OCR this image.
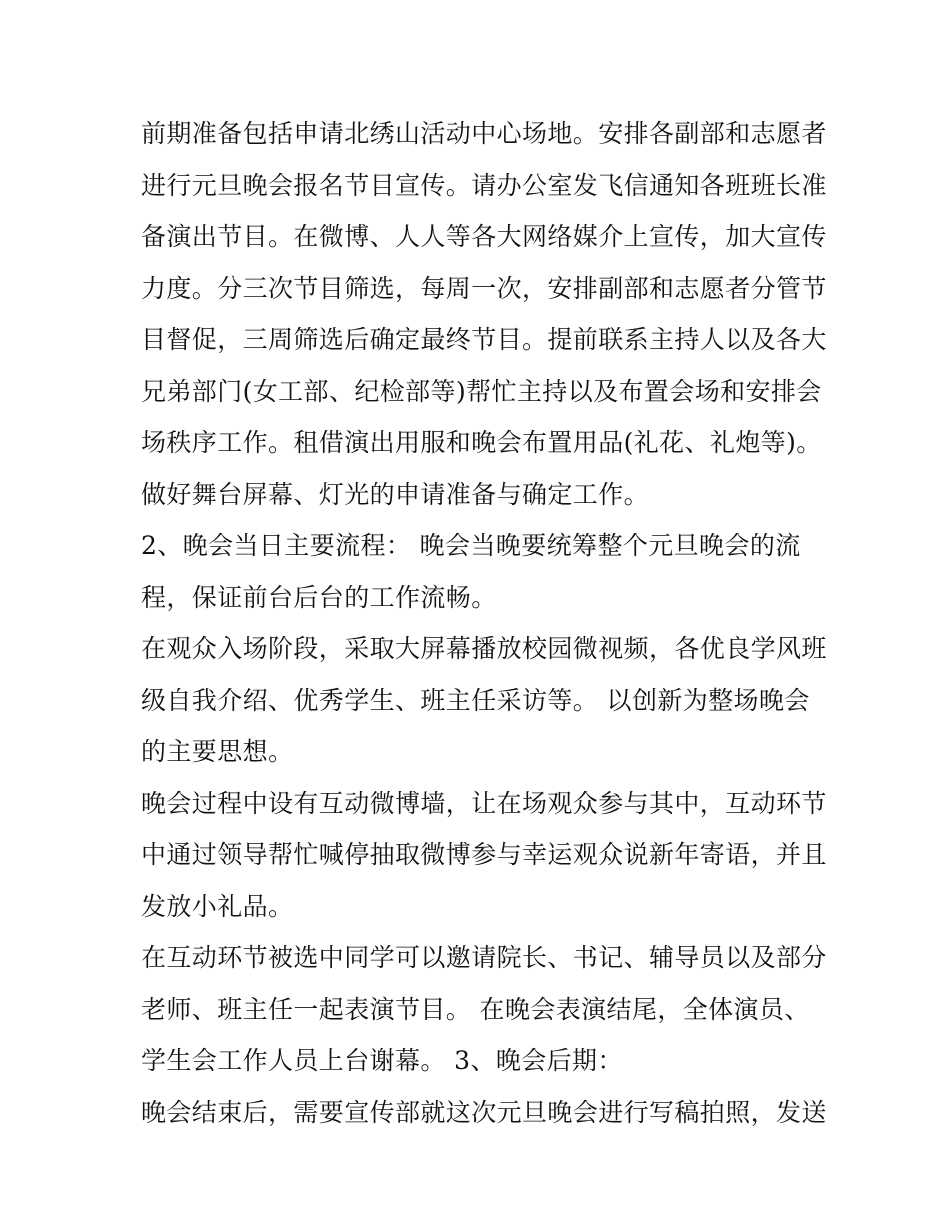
前期准备包括申请北绣山活动中心场地。安排各副部和志愿者
进行元旦晚会报名节目宣传。请办公室发飞信通知各班班长准
备演出节目。在微博、人人等各大网络媒介上宣传，加大宣传
力度。分三次节目筛选，每周一次，安排副部和志愿者分管节
目督促，三周筛选后确定最终节目。提前联系主持人以及各大
兄弟部门(女工部、纪检部等)帮忙主持以及布置会场和安排会
场秩序工作。租借演出用服和晚会布置用品(礼花、礼炮等)。
做好舞台屏幕、灯光的申请准备与确定工作。
2、晚会当日主要流程： 晚会当晚要统筹整个元旦晚会的流
程，保证前台后台的工作流畅。
在观众入场阶段，采取大屏幕播放校园微视频，各优良学风班
级自我介绍、优秀学生、班主任采访等。 以创新为整场晚会
的主要思想。
晚会过程中设有互动微博墙，让在场观众参与其中，互动环节
中通过领导帮忙喊停抽取微博参与幸运观众说新年寄语，并且
发放小礼品。
在互动环节被选中同学可以邀请院长、书记、辅导员以及部分
老师、班主任一起表演节目。 在晚会表演结尾，全体演员、
学生会工作人员上台谢幕。 3、晚会后期：
晚会结束后，需要宣传部就这次元旦晚会进行写稿拍照，发送
